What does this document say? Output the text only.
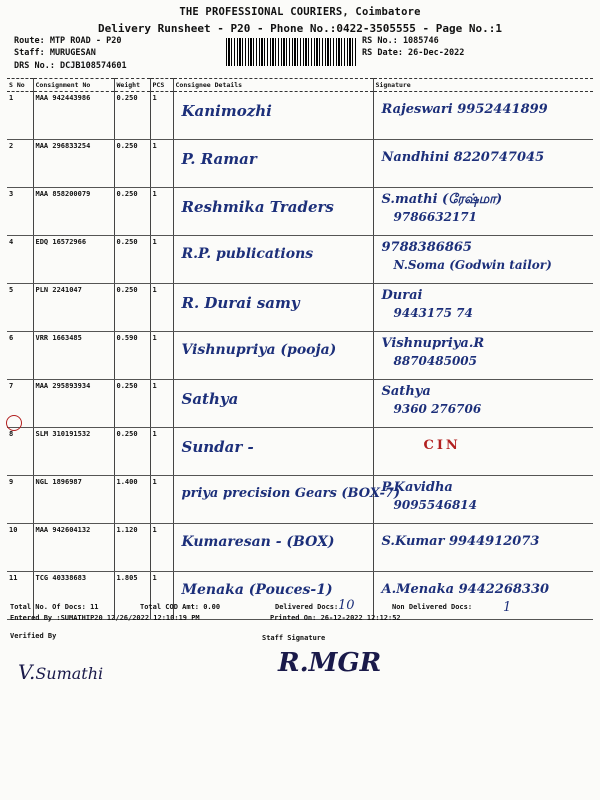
THE PROFESSIONAL COURIERS, Coimbatore
Delivery Runsheet - P20 - Phone No.:0422-3505555 - Page No.:1
Route: MTP ROAD - P20
Staff: MURUGESAN
DRS No.: DCJB108574601
RS No.: 1085746
RS Date: 26-Dec-2022
S No	Consignment No	Weight	PCS	Consignee Details	Signature
1	MAA 942443986	0.250	1	Kanimozhi	Rajeswari 9952441899

2	MAA 296833254	0.250	1	P. Ramar	Nandhini 8220747045

3	MAA 858200079	0.250	1	Reshmika Traders	S.mathi (ரேஷ்மா)
9786632171

4	EDQ 16572966	0.250	1	R.P. publications	9788386865
N.Soma (Godwin tailor)

5	PLN 2241047	0.250	1	R. Durai samy	Durai
9443175 74

6	VRR 1663485	0.590	1	Vishnupriya (pooja)	Vishnupriya.R
8870485005

7	MAA 295893934	0.250	1	Sathya	Sathya
9360 276706

8	SLM 310191532	0.250	1	Sundar -	CIN

9	NGL 1896987	1.400	1	priya precision Gears (BOX-7)	P.Kavidha
9095546814

10	MAA 942604132	1.120	1	Kumaresan - (BOX)	S.Kumar 9944912073

11	TCG 40338683	1.805	1	Menaka (Pouces-1)	A.Menaka 9442268330
Total No. Of Docs: 11	Total COD Amt: 0.00	Delivered Docs: 10	Non Delivered Docs: 1
Entered By :SUMATHIP20 12/26/2022 12:10:19 PM	Printed On: 26-12-2022 12:12:52
Verified By	Staff Signature
V.Sumathi	R.MGR
